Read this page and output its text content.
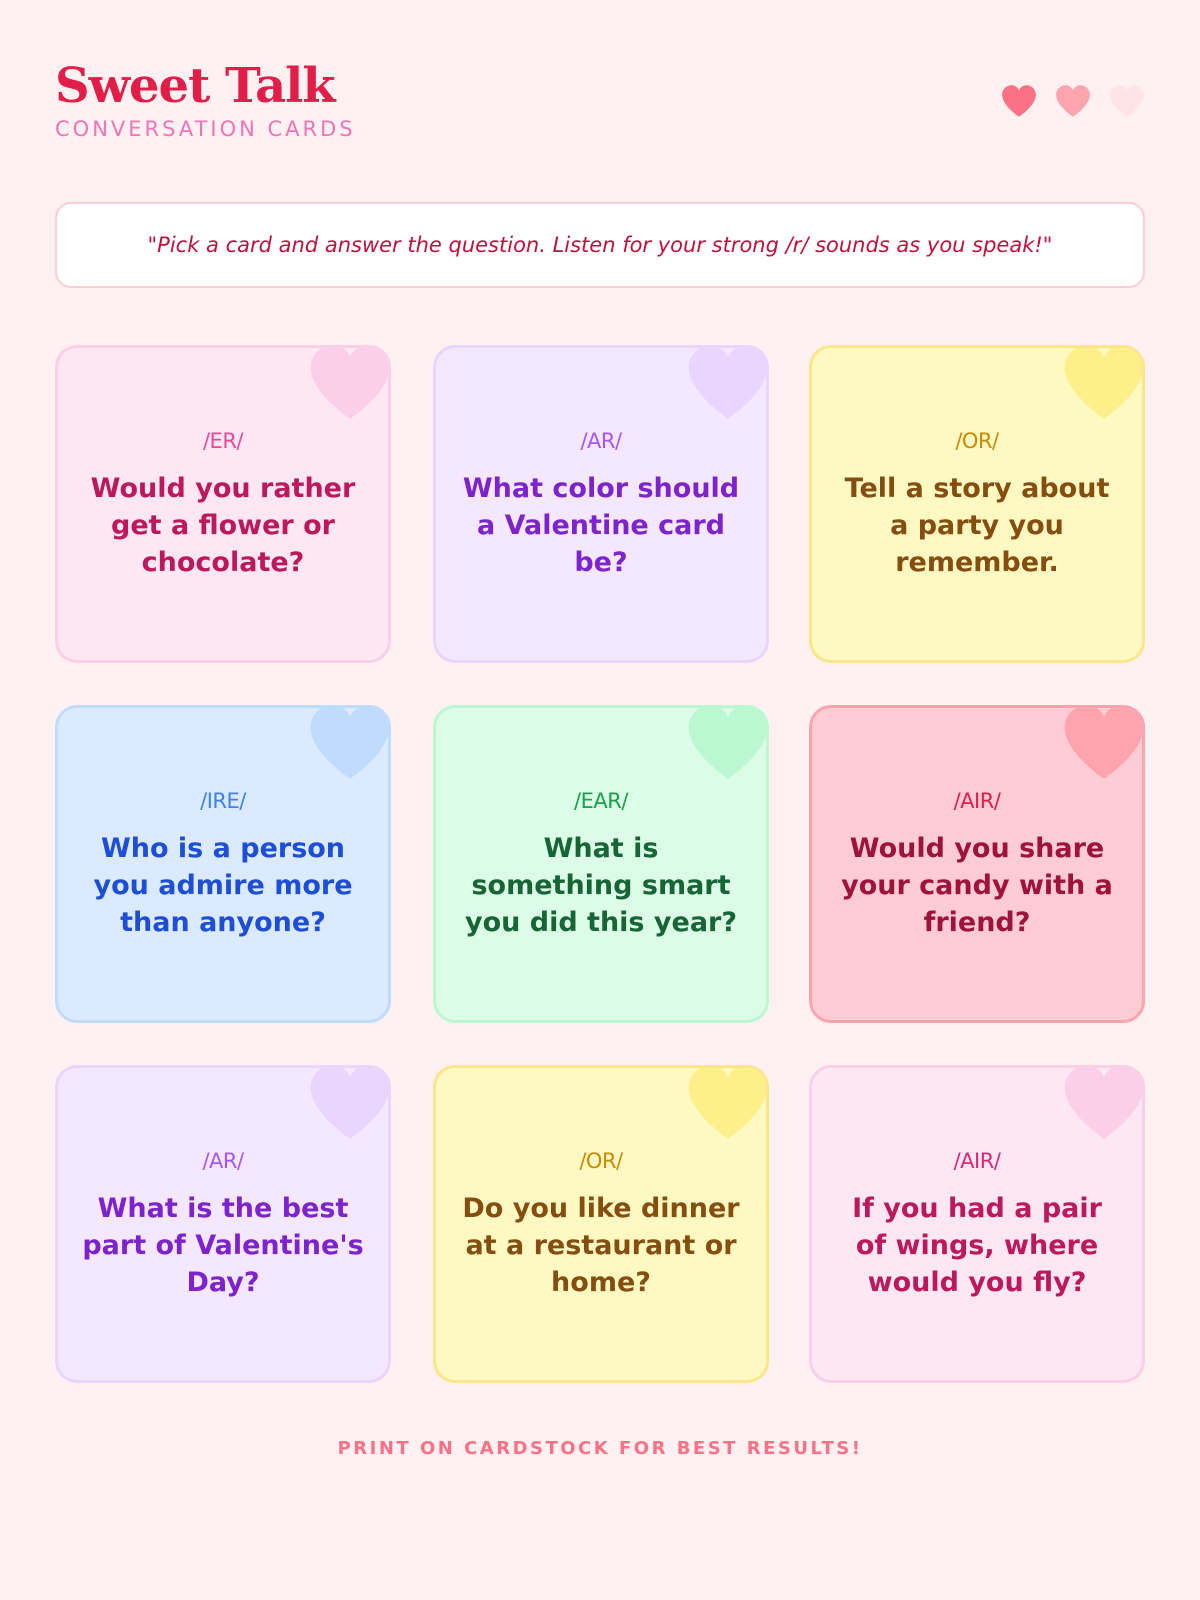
Sweet Talk
CONVERSATION CARDS
"Pick a card and answer the question. Listen for your strong /r/ sounds as you speak!"
/ER/
Would you rather get a flower or chocolate?
/AR/
What color should a Valentine card be?
/OR/
Tell a story about a party you remember.
/IRE/
Who is a person you admire more than anyone?
/EAR/
What is something smart you did this year?
/AIR/
Would you share your candy with a friend?
/AR/
What is the best part of Valentine's Day?
/OR/
Do you like dinner at a restaurant or home?
/AIR/
If you had a pair of wings, where would you fly?
PRINT ON CARDSTOCK FOR BEST RESULTS!
